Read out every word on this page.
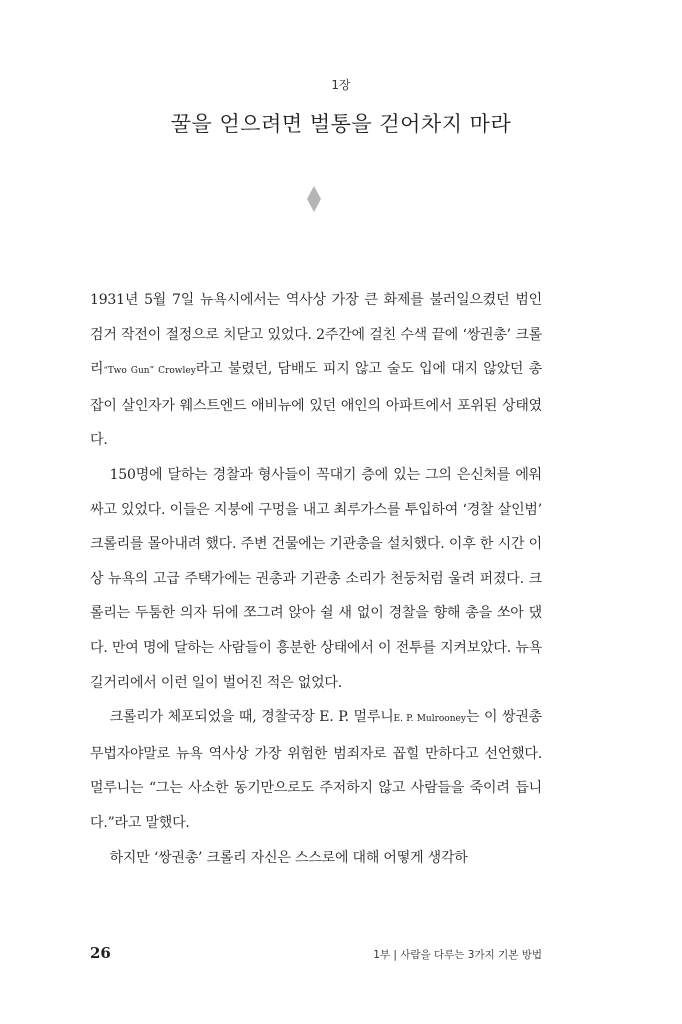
1장
꿀을 얻으려면 벌통을 걷어차지 마라

1931년 5월 7일 뉴욕시에서는 역사상 가장 큰 화제를 불러일으켰던 범인 검거 작전이 절정으로 치닫고 있었다. 2주간에 걸친 수색 끝에 ‘쌍권총’ 크롤리“Two Gun” Crowley라고 불렸던, 담배도 피지 않고 술도 입에 대지 않았던 총잡이 살인자가 웨스트엔드 애비뉴에 있던 애인의 아파트에서 포위된 상태였다.

150명에 달하는 경찰과 형사들이 꼭대기 층에 있는 그의 은신처를 에워싸고 있었다. 이들은 지붕에 구멍을 내고 최루가스를 투입하여 ‘경찰 살인범’ 크롤리를 몰아내려 했다. 주변 건물에는 기관총을 설치했다. 이후 한 시간 이상 뉴욕의 고급 주택가에는 권총과 기관총 소리가 천둥처럼 울려 퍼졌다. 크롤리는 두툼한 의자 뒤에 쪼그려 앉아 쉴 새 없이 경찰을 향해 총을 쏘아 댔다. 만여 명에 달하는 사람들이 흥분한 상태에서 이 전투를 지켜보았다. 뉴욕 길거리에서 이런 일이 벌어진 적은 없었다.

크롤리가 체포되었을 때, 경찰국장 E. P. 멀루니E. P. Mulrooney는 이 쌍권총 무법자야말로 뉴욕 역사상 가장 위험한 범죄자로 꼽힐 만하다고 선언했다. 멀루니는 “그는 사소한 동기만으로도 주저하지 않고 사람들을 죽이려 듭니다.”라고 말했다.

하지만 ‘쌍권총’ 크롤리 자신은 스스로에 대해 어떻게 생각하

26	1부 | 사람을 다루는 3가지 기본 방법
